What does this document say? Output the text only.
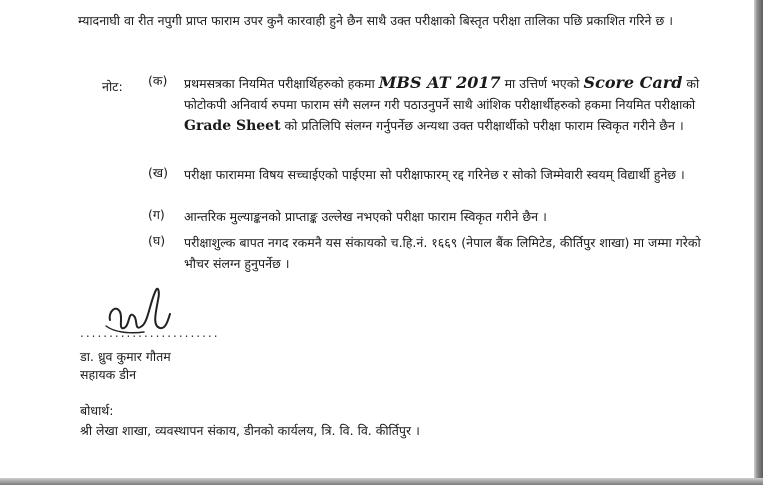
म्यादनाघी वा रीत नपुगी प्राप्त फाराम उपर कुनै कारवाही हुने छैन साथै उक्त परीक्षाको बिस्तृत परीक्षा तालिका पछि प्रकाशित गरिने छ ।
नोट: (क)	प्रथमसत्रका नियमित परीक्षार्थिहरुको हकमा MBS AT 2017 मा उत्तिर्ण भएको Score Card को फोटोकपी अनिवार्य रुपमा फाराम संगै सलग्न गरी पठाउनुपर्ने साथै आंशिक परीक्षार्थीहरुको हकमा नियमित परीक्षाको Grade Sheet को प्रतिलिपि संलग्न गर्नुपर्नेछ अन्यथा उक्त परीक्षार्थीको परीक्षा फाराम स्विकृत गरीने छैन ।
(ख)	परीक्षा फाराममा विषय सच्चाईएको पाईएमा सो परीक्षाफारम् रद्द गरिनेछ र सोको जिम्मेवारी स्वयम् विद्यार्थी हुनेछ ।
(ग)	आन्तरिक मुल्याङ्कनको प्राप्ताङ्क उल्लेख नभएको परीक्षा फाराम स्विकृत गरीने छैन ।
(घ)	परीक्षाशुल्क बापत नगद रकमनै यस संकायको च.हि.नं. १६६९ (नेपाल बैंक लिमिटेड, कीर्तिपुर शाखा) मा जम्मा गरेको भौचर संलग्न हुनुपर्नेछ ।
........................
डा. ध्रुव कुमार गौतम
सहायक डीन
बोधार्थ:
श्री लेखा शाखा, व्यवस्थापन संकाय, डीनको कार्यलय, त्रि. वि. वि. कीर्तिपुर ।
